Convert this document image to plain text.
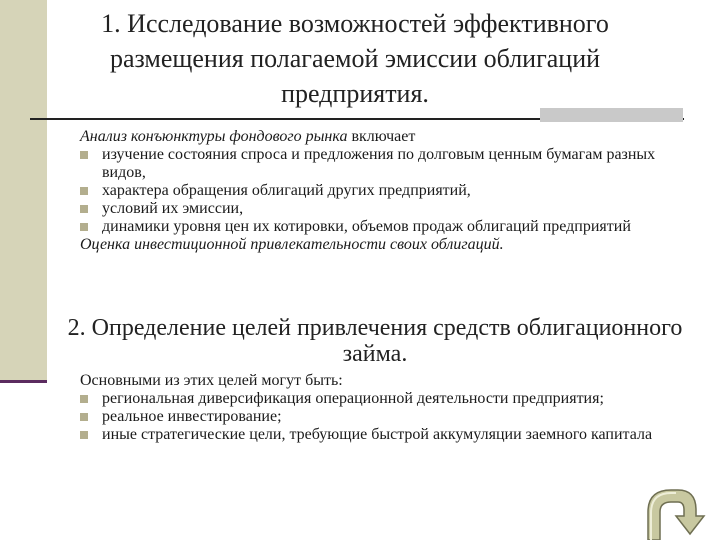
1. Исследование возможностей эффективного размещения полагаемой эмиссии облигаций предприятия.

Анализ конъюнктуры фондового рынка включает

изучение состояния спроса и предложения по долговым ценным бумагам разных видов,
характера обращения облигаций других предприятий,
условий их эмиссии,
динамики уровня цен их котировки, объемов продаж облигаций предприятий

Оценка инвестиционной привлекательности своих облигаций.

2. Определение целей привлечения средств облигационного займа.

Основными из этих целей могут быть:

региональная диверсификация операционной деятельности предприятия;
реальное инвестирование;
иные стратегические цели, требующие быстрой аккумуляции заемного капитала
